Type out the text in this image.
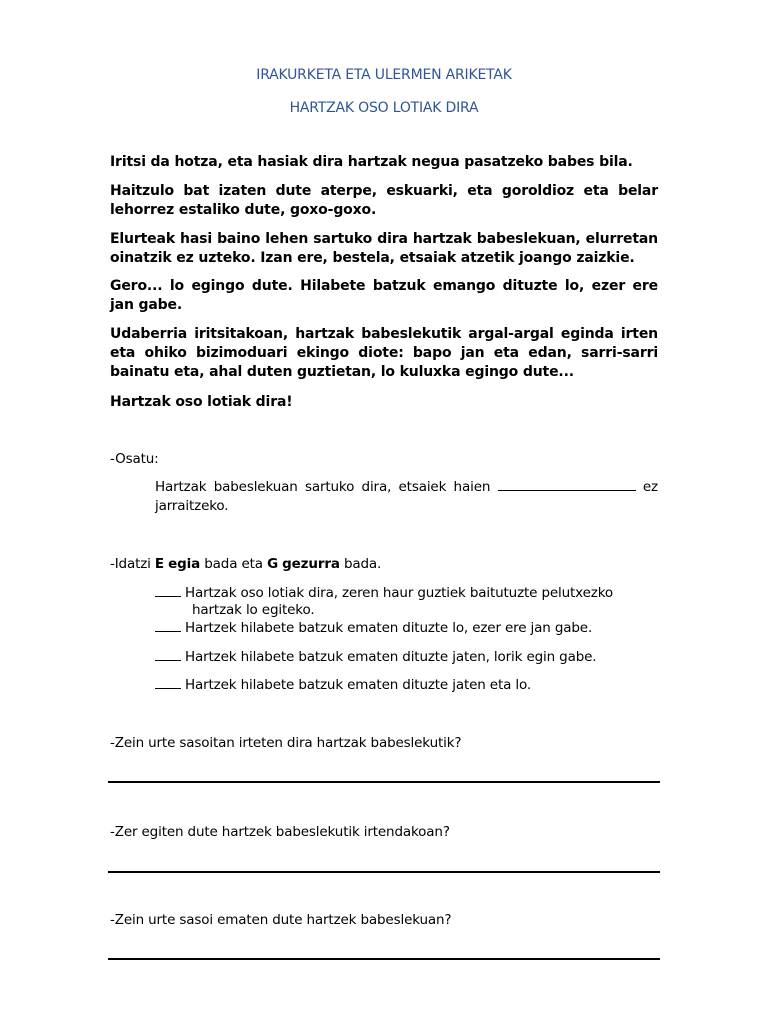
IRAKURKETA ETA ULERMEN ARIKETAK
HARTZAK OSO LOTIAK DIRA
Iritsi da hotza, eta hasiak dira hartzak negua pasatzeko babes bila.
Haitzulo bat izaten dute aterpe, eskuarki, eta goroldioz eta belar lehorrez estaliko dute, goxo-goxo.
Elurteak hasi baino lehen sartuko dira hartzak babeslekuan, elurretan oinatzik ez uzteko. Izan ere, bestela, etsaiak atzetik joango zaizkie.
Gero... lo egingo dute. Hilabete batzuk emango dituzte lo, ezer ere jan gabe.
Udaberria iritsitakoan, hartzak babeslekutik argal-argal eginda irten eta ohiko bizimoduari ekingo diote: bapo jan eta edan, sarri-sarri bainatu eta, ahal duten guztietan, lo kuluxka egingo dute...
Hartzak oso lotiak dira!
-Osatu:
Hartzak babeslekuan sartuko dira, etsaiek haien	ez jarraitzeko.
-Idatzi E egia bada eta G gezurra bada.
Hartzak oso lotiak dira, zeren haur guztiek baitutuzte pelutxezko
hartzak lo egiteko.
Hartzek hilabete batzuk ematen dituzte lo, ezer ere jan gabe.
Hartzek hilabete batzuk ematen dituzte jaten, lorik egin gabe.
Hartzek hilabete batzuk ematen dituzte jaten eta lo.
-Zein urte sasoitan irteten dira hartzak babeslekutik?
-Zer egiten dute hartzek babeslekutik irtendakoan?
-Zein urte sasoi ematen dute hartzek babeslekuan?
